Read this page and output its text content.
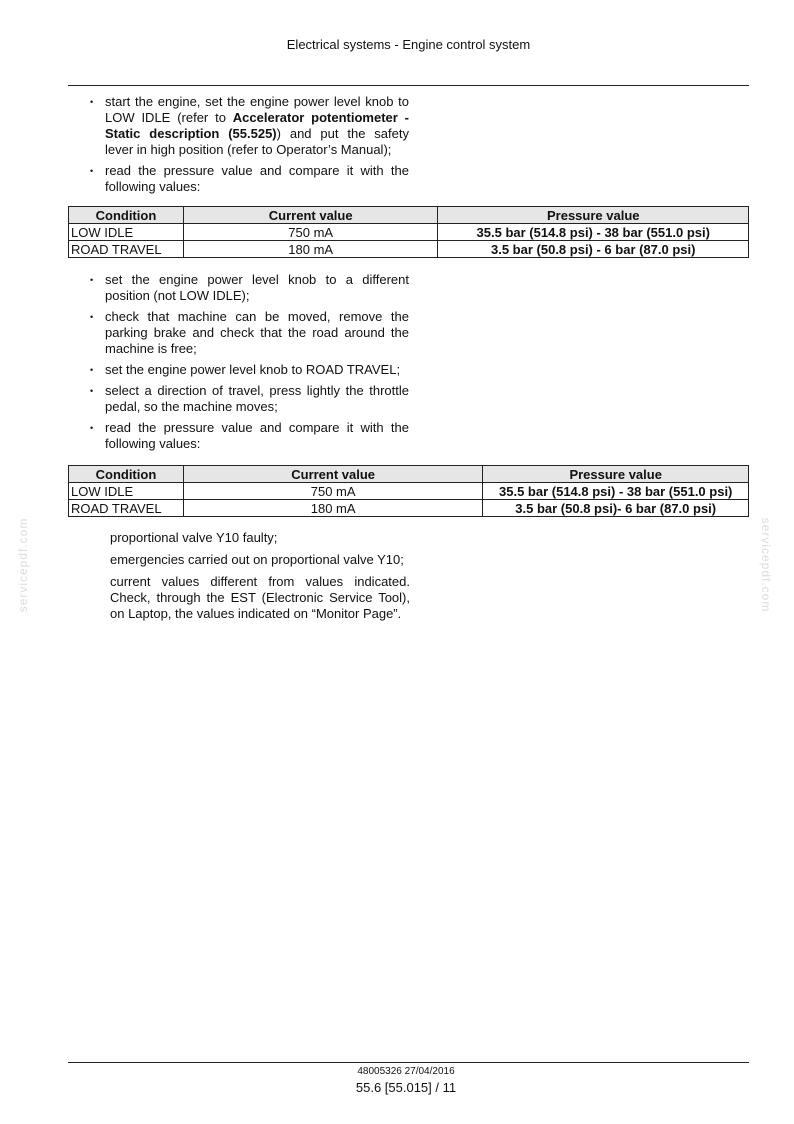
Electrical systems - Engine control system
• start the engine, set the engine power level knob to LOW IDLE (refer to Accelerator potentiometer - Static description (55.525)) and put the safety lever in high position (refer to Operator’s Manual);
• read the pressure value and compare it with the following values:
Condition	Current value	Pressure value
LOW IDLE	750 mA	35.5 bar (514.8 psi) - 38 bar (551.0 psi)
ROAD TRAVEL	180 mA	3.5 bar (50.8 psi) - 6 bar (87.0 psi)
• set the engine power level knob to a different position (not LOW IDLE);
• check that machine can be moved, remove the parking brake and check that the road around the machine is free;
• set the engine power level knob to ROAD TRAVEL;
• select a direction of travel, press lightly the throttle pedal, so the machine moves;
• read the pressure value and compare it with the following values:
Condition	Current value	Pressure value
LOW IDLE	750 mA	35.5 bar (514.8 psi) - 38 bar (551.0 psi)
ROAD TRAVEL	180 mA	3.5 bar (50.8 psi)- 6 bar (87.0 psi)

proportional valve Y10 faulty;

emergencies carried out on proportional valve Y10;

current values different from values indicated. Check, through the EST (Electronic Service Tool), on Laptop, the values indicated on “Monitor Page”.

servicepdf.com	servicepdf.com
48005326 27/04/2016
55.6 [55.015] / 11
